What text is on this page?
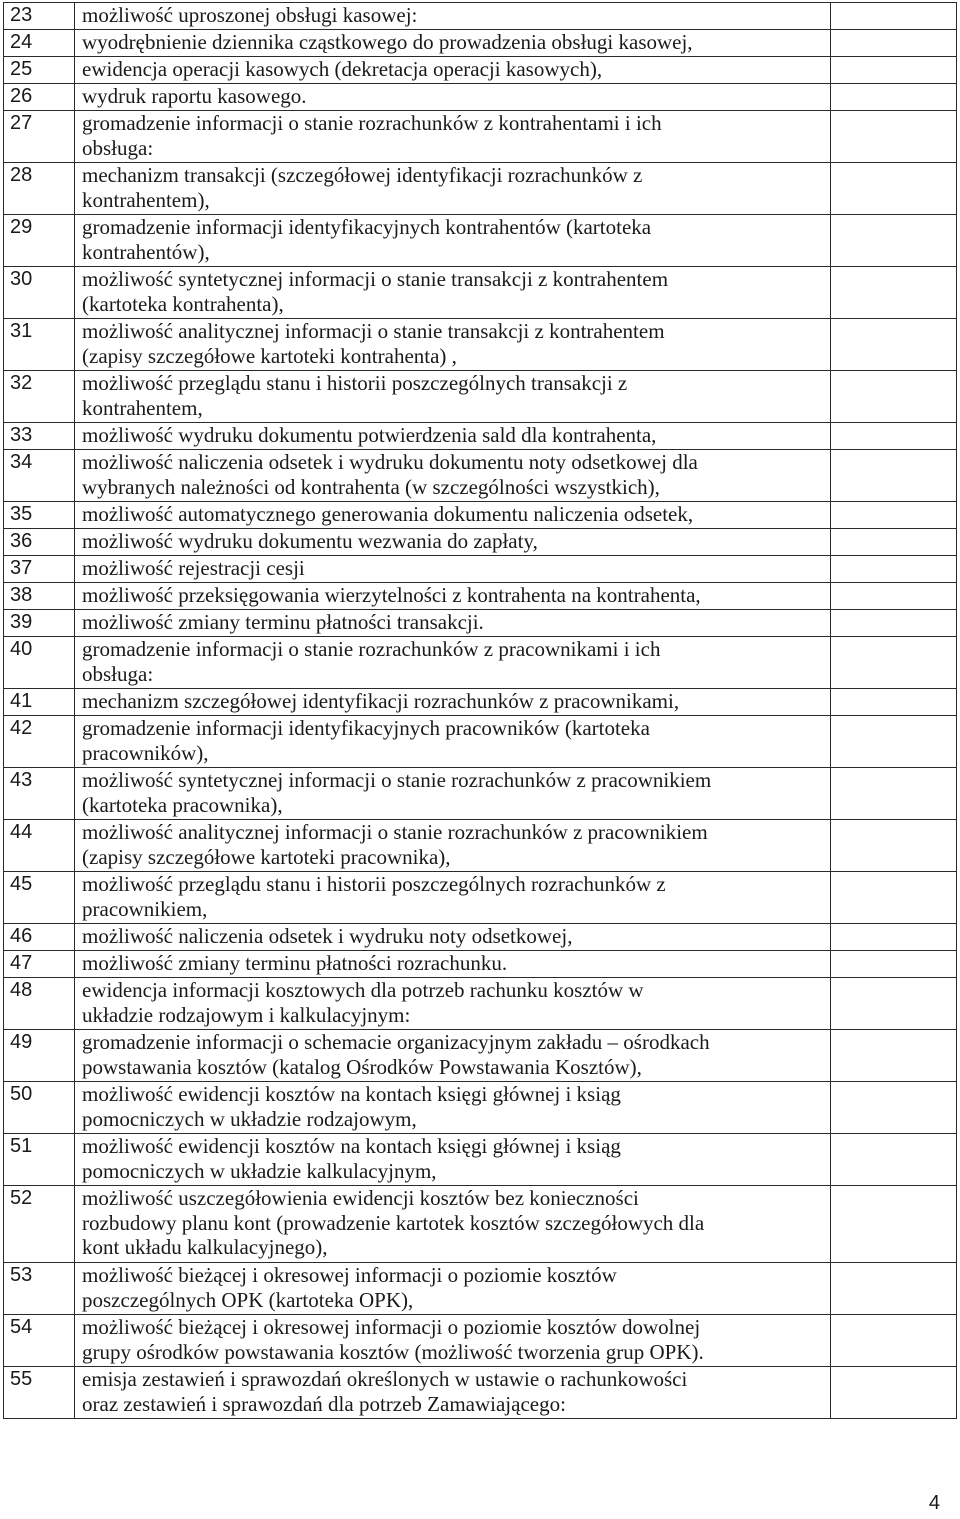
23	możliwość uproszonej obsługi kasowej:	

24	wyodrębnienie dziennika cząstkowego do prowadzenia obsługi kasowej,	

25	ewidencja operacji kasowych (dekretacja operacji kasowych),	

26	wydruk raportu kasowego.	

27	gromadzenie informacji o stanie rozrachunków z kontrahentami i ich
obsługa:	

28	mechanizm transakcji (szczegółowej identyfikacji rozrachunków z
kontrahentem),	

29	gromadzenie informacji identyfikacyjnych kontrahentów (kartoteka
kontrahentów),	

30	możliwość syntetycznej informacji o stanie transakcji z kontrahentem
(kartoteka kontrahenta),	

31	możliwość analitycznej informacji o stanie transakcji z kontrahentem
(zapisy szczegółowe kartoteki kontrahenta) ,	

32	możliwość przeglądu stanu i historii poszczególnych transakcji z
kontrahentem,	

33	możliwość wydruku dokumentu potwierdzenia sald dla kontrahenta,	

34	możliwość naliczenia odsetek i wydruku dokumentu noty odsetkowej dla
wybranych należności od kontrahenta (w szczególności wszystkich),	

35	możliwość automatycznego generowania dokumentu naliczenia odsetek,	

36	możliwość wydruku dokumentu wezwania do zapłaty,	

37	możliwość rejestracji cesji	

38	możliwość przeksięgowania wierzytelności z kontrahenta na kontrahenta,	

39	możliwość zmiany terminu płatności transakcji.	

40	gromadzenie informacji o stanie rozrachunków z pracownikami i ich
obsługa:	

41	mechanizm szczegółowej identyfikacji rozrachunków z pracownikami,	

42	gromadzenie informacji identyfikacyjnych pracowników (kartoteka
pracowników),	

43	możliwość syntetycznej informacji o stanie rozrachunków z pracownikiem
(kartoteka pracownika),	

44	możliwość analitycznej informacji o stanie rozrachunków z pracownikiem
(zapisy szczegółowe kartoteki pracownika),	

45	możliwość przeglądu stanu i historii poszczególnych rozrachunków z
pracownikiem,	

46	możliwość naliczenia odsetek i wydruku noty odsetkowej,	

47	możliwość zmiany terminu płatności rozrachunku.	

48	ewidencja informacji kosztowych dla potrzeb rachunku kosztów w
układzie rodzajowym i kalkulacyjnym:	

49	gromadzenie informacji o schemacie organizacyjnym zakładu – ośrodkach
powstawania kosztów (katalog Ośrodków Powstawania Kosztów),	

50	możliwość ewidencji kosztów na kontach księgi głównej i ksiąg
pomocniczych w układzie rodzajowym,	

51	możliwość ewidencji kosztów na kontach księgi głównej i ksiąg
pomocniczych w układzie kalkulacyjnym,	

52	możliwość uszczegółowienia ewidencji kosztów bez konieczności
rozbudowy planu kont (prowadzenie kartotek kosztów szczegółowych dla
kont układu kalkulacyjnego),	

53	możliwość bieżącej i okresowej informacji o poziomie kosztów
poszczególnych OPK (kartoteka OPK),	

54	możliwość bieżącej i okresowej informacji o poziomie kosztów dowolnej
grupy ośrodków powstawania kosztów (możliwość tworzenia grup OPK).	

55	emisja zestawień i sprawozdań określonych w ustawie o rachunkowości
oraz zestawień i sprawozdań dla potrzeb Zamawiającego:	

4
